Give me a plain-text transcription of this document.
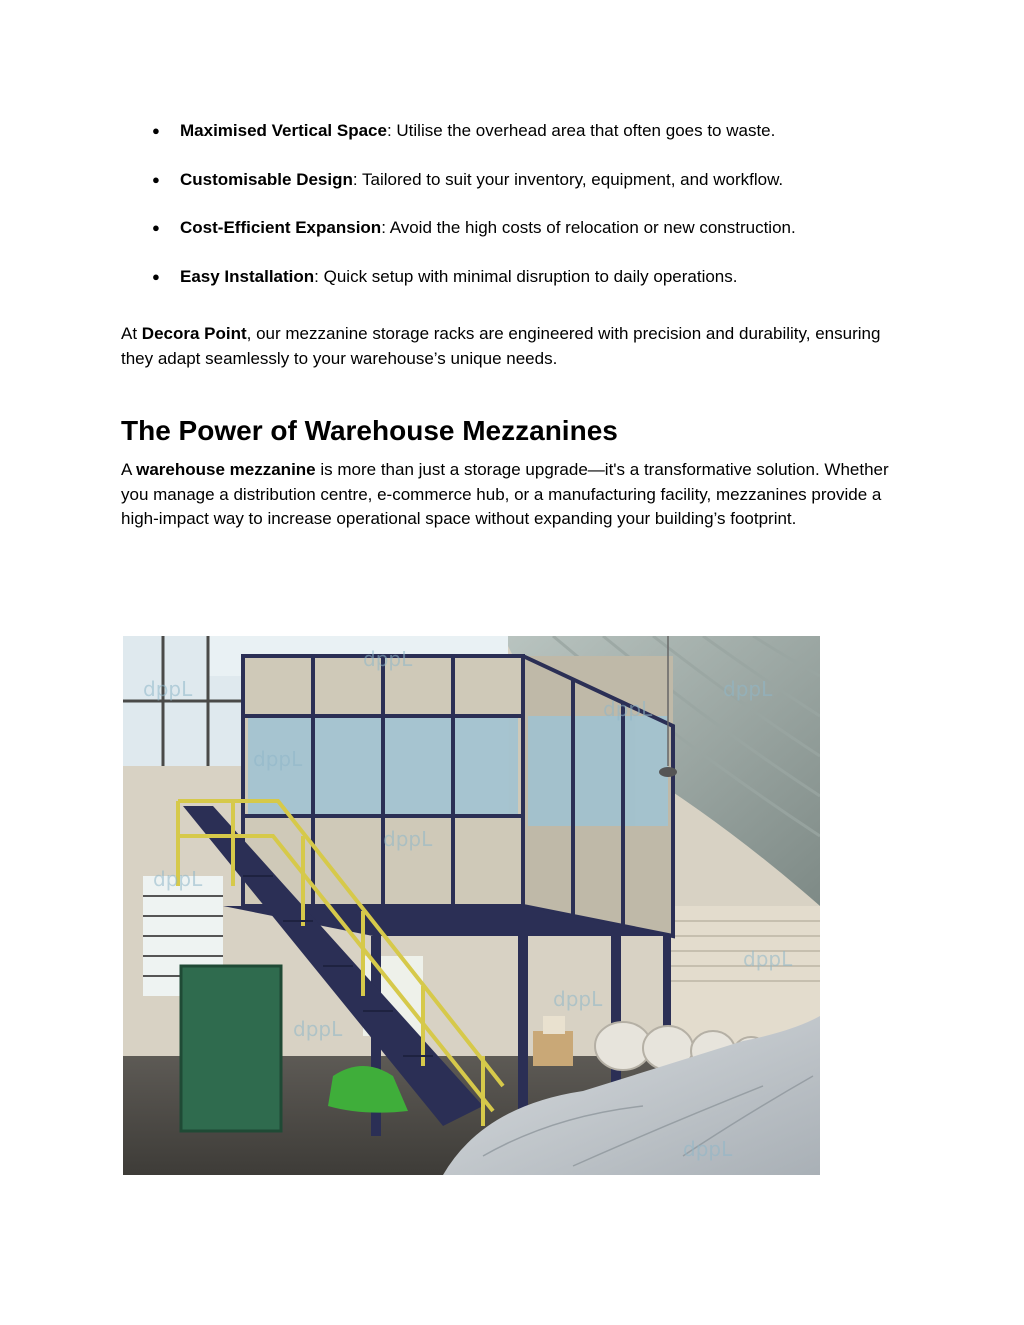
● Maximised Vertical Space: Utilise the overhead area that often goes to waste.
● Customisable Design: Tailored to suit your inventory, equipment, and workflow.
● Cost-Efficient Expansion: Avoid the high costs of relocation or new construction.
● Easy Installation: Quick setup with minimal disruption to daily operations.

At Decora Point, our mezzanine storage racks are engineered with precision and durability, ensuring they adapt seamlessly to your warehouse’s unique needs.

The Power of Warehouse Mezzanines

A warehouse mezzanine is more than just a storage upgrade—it's a transformative solution. Whether you manage a distribution centre, e-commerce hub, or a manufacturing facility, mezzanines provide a high-impact way to increase operational space without expanding your building’s footprint.

dppL
dppL
dppL
dppL
dppL
dppL
dppL
dppL
dppL
dppL
dppL
